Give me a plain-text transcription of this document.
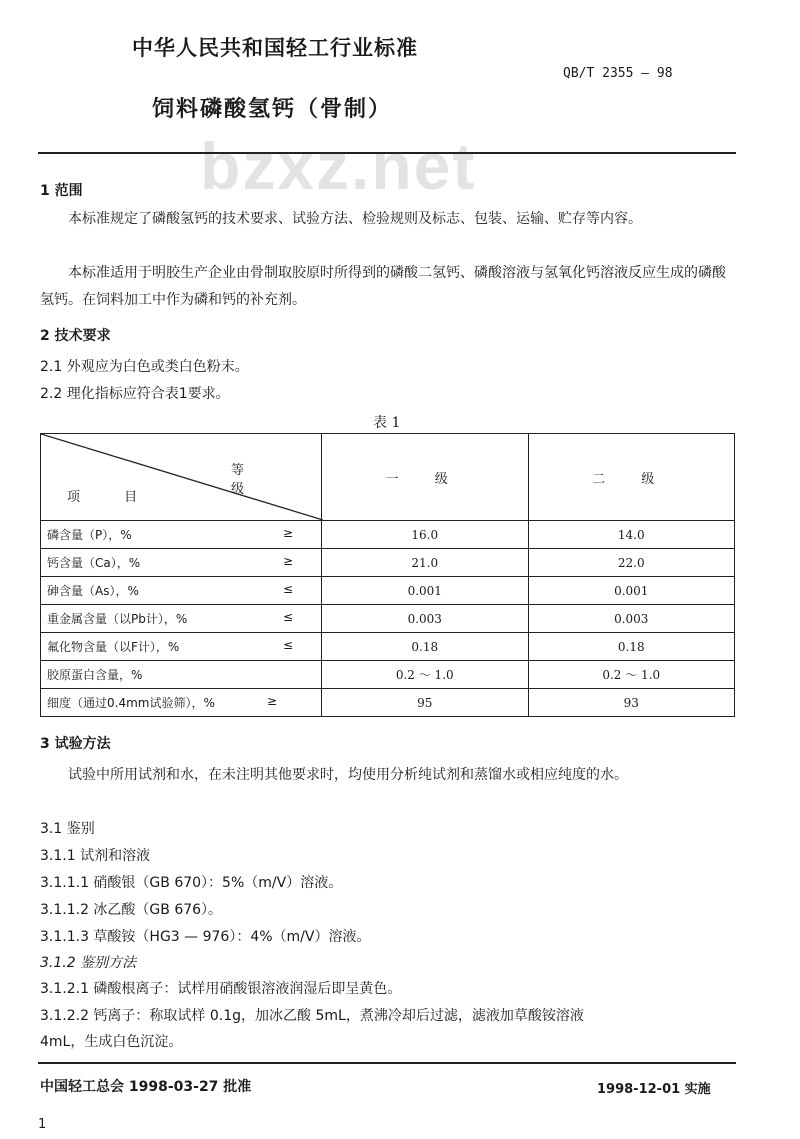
中华人民共和国轻工行业标准
QB/T 2355 — 98
饲料磷酸氢钙（骨制）
bzxz.net
1 范围
本标准规定了磷酸氢钙的技术要求、试验方法、检验规则及标志、包装、运输、贮存等内容。
本标准适用于明胶生产企业由骨制取胶原时所得到的磷酸二氢钙、磷酸溶液与氢氧化钙溶液反应生成的磷酸氢钙。在饲料加工中作为磷和钙的补充剂。
2 技术要求
2.1 外观应为白色或类白色粉末。
2.2 理化指标应符合表1要求。
表 1
等 级
项 目	一 级	二 级
磷含量（P），% ≥	16.0	14.0
钙含量（Ca），% ≥	21.0	22.0
砷含量（As），% ≤	0.001	0.001
重金属含量（以Pb计），% ≤	0.003	0.003
氟化物含量（以F计），% ≤	0.18	0.18
胶原蛋白含量，%	0.2 ～ 1.0	0.2 ～ 1.0
细度（通过0.4mm试验筛），% ≥	95	93
3 试验方法
试验中所用试剂和水，在未注明其他要求时，均使用分析纯试剂和蒸馏水或相应纯度的水。
3.1 鉴别
3.1.1 试剂和溶液
3.1.1.1 硝酸银（GB 670）：5%（m/V）溶液。
3.1.1.2 冰乙酸（GB 676）。
3.1.1.3 草酸铵（HG3 — 976）：4%（m/V）溶液。
3.1.2 鉴别方法
3.1.2.1 磷酸根离子：试样用硝酸银溶液润湿后即呈黄色。
3.1.2.2 钙离子：称取试样 0.1g，加冰乙酸 5mL，煮沸冷却后过滤，滤液加草酸铵溶液
4mL，生成白色沉淀。
中国轻工总会 1998-03-27 批准	1998-12-01 实施
1
